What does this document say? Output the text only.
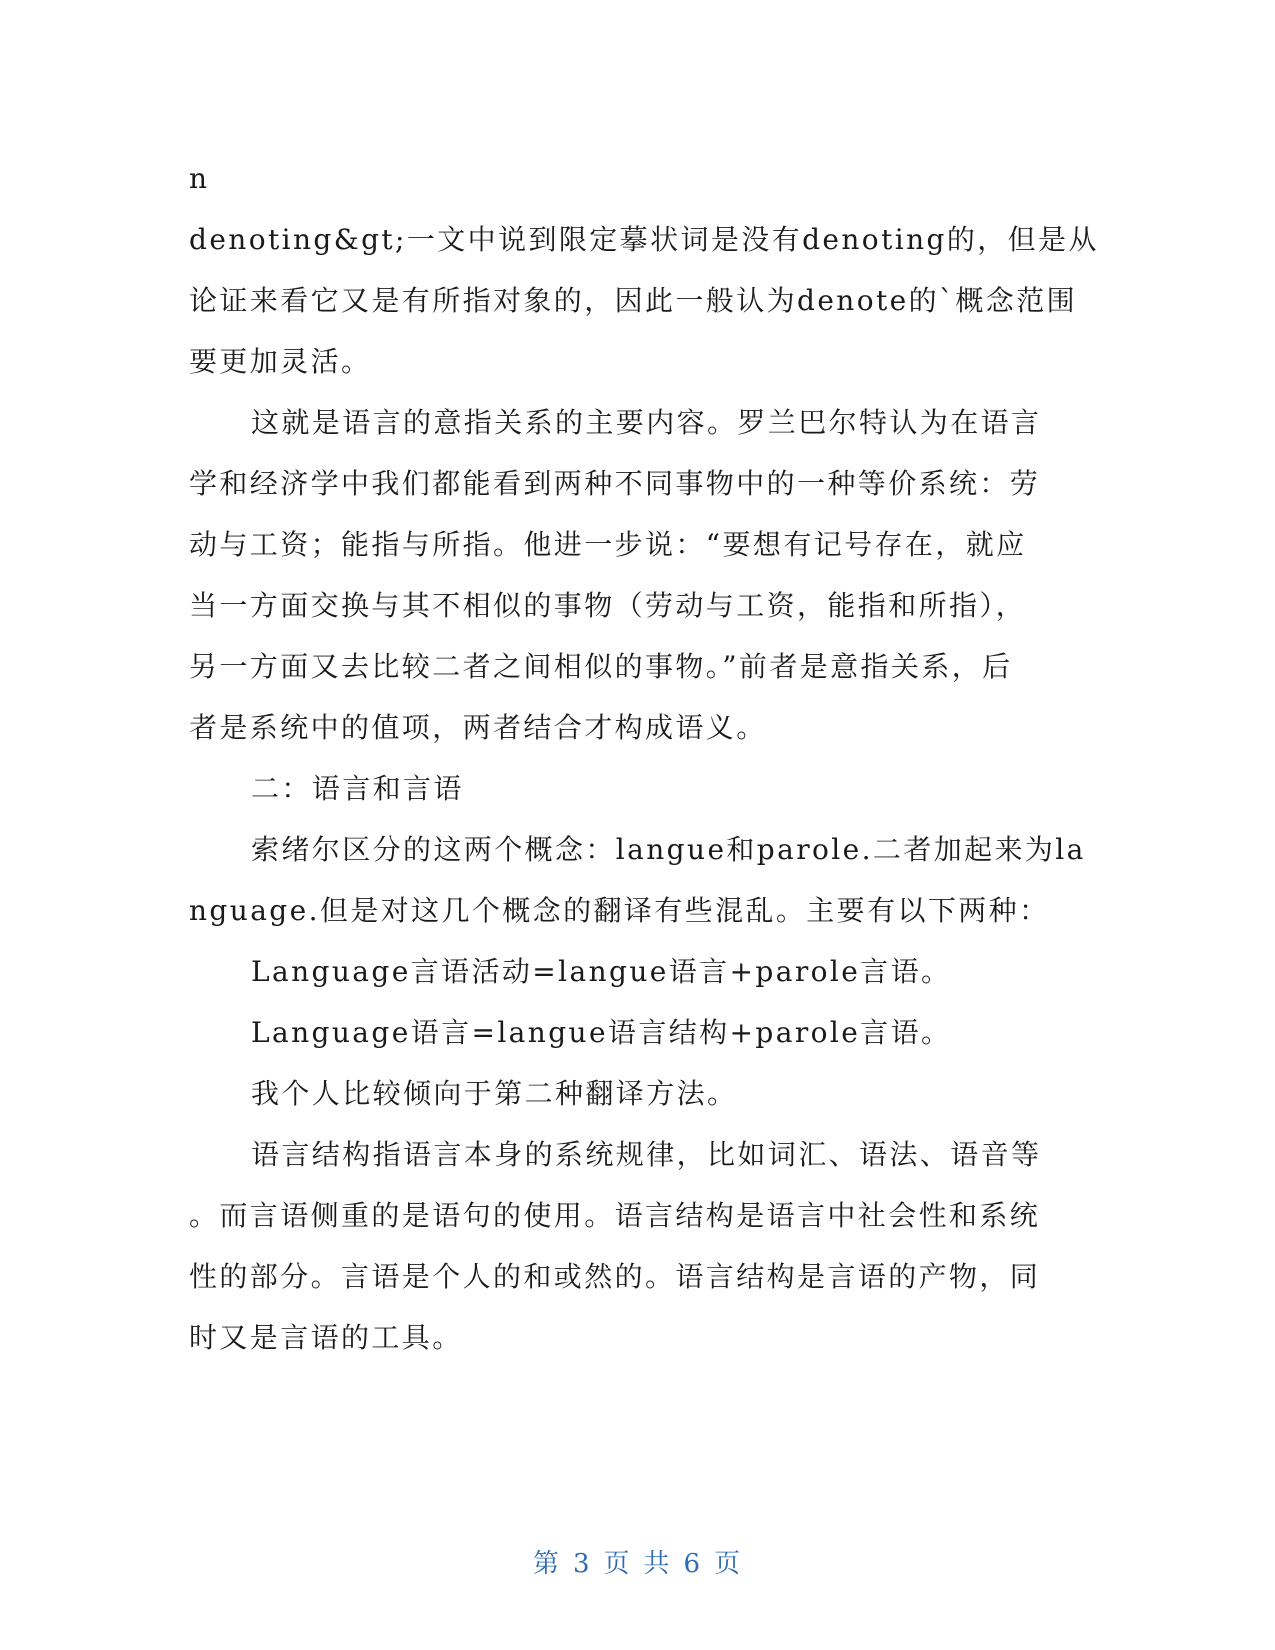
n
denoting&gt;一文中说到限定摹状词是没有denoting的，但是从
论证来看它又是有所指对象的，因此一般认为denote的`概念范围
要更加灵活。
这就是语言的意指关系的主要内容。罗兰巴尔特认为在语言
学和经济学中我们都能看到两种不同事物中的一种等价系统：劳
动与工资；能指与所指。他进一步说：“要想有记号存在，就应
当一方面交换与其不相似的事物（劳动与工资，能指和所指），
另一方面又去比较二者之间相似的事物。”前者是意指关系，后
者是系统中的值项，两者结合才构成语义。
二：语言和言语
索绪尔区分的这两个概念：langue和parole.二者加起来为la
nguage.但是对这几个概念的翻译有些混乱。主要有以下两种：
Language言语活动=langue语言+parole言语。
Language语言=langue语言结构+parole言语。
我个人比较倾向于第二种翻译方法。
语言结构指语言本身的系统规律，比如词汇、语法、语音等
。而言语侧重的是语句的使用。语言结构是语言中社会性和系统
性的部分。言语是个人的和或然的。语言结构是言语的产物，同
时又是言语的工具。
第 3 页 共 6 页
